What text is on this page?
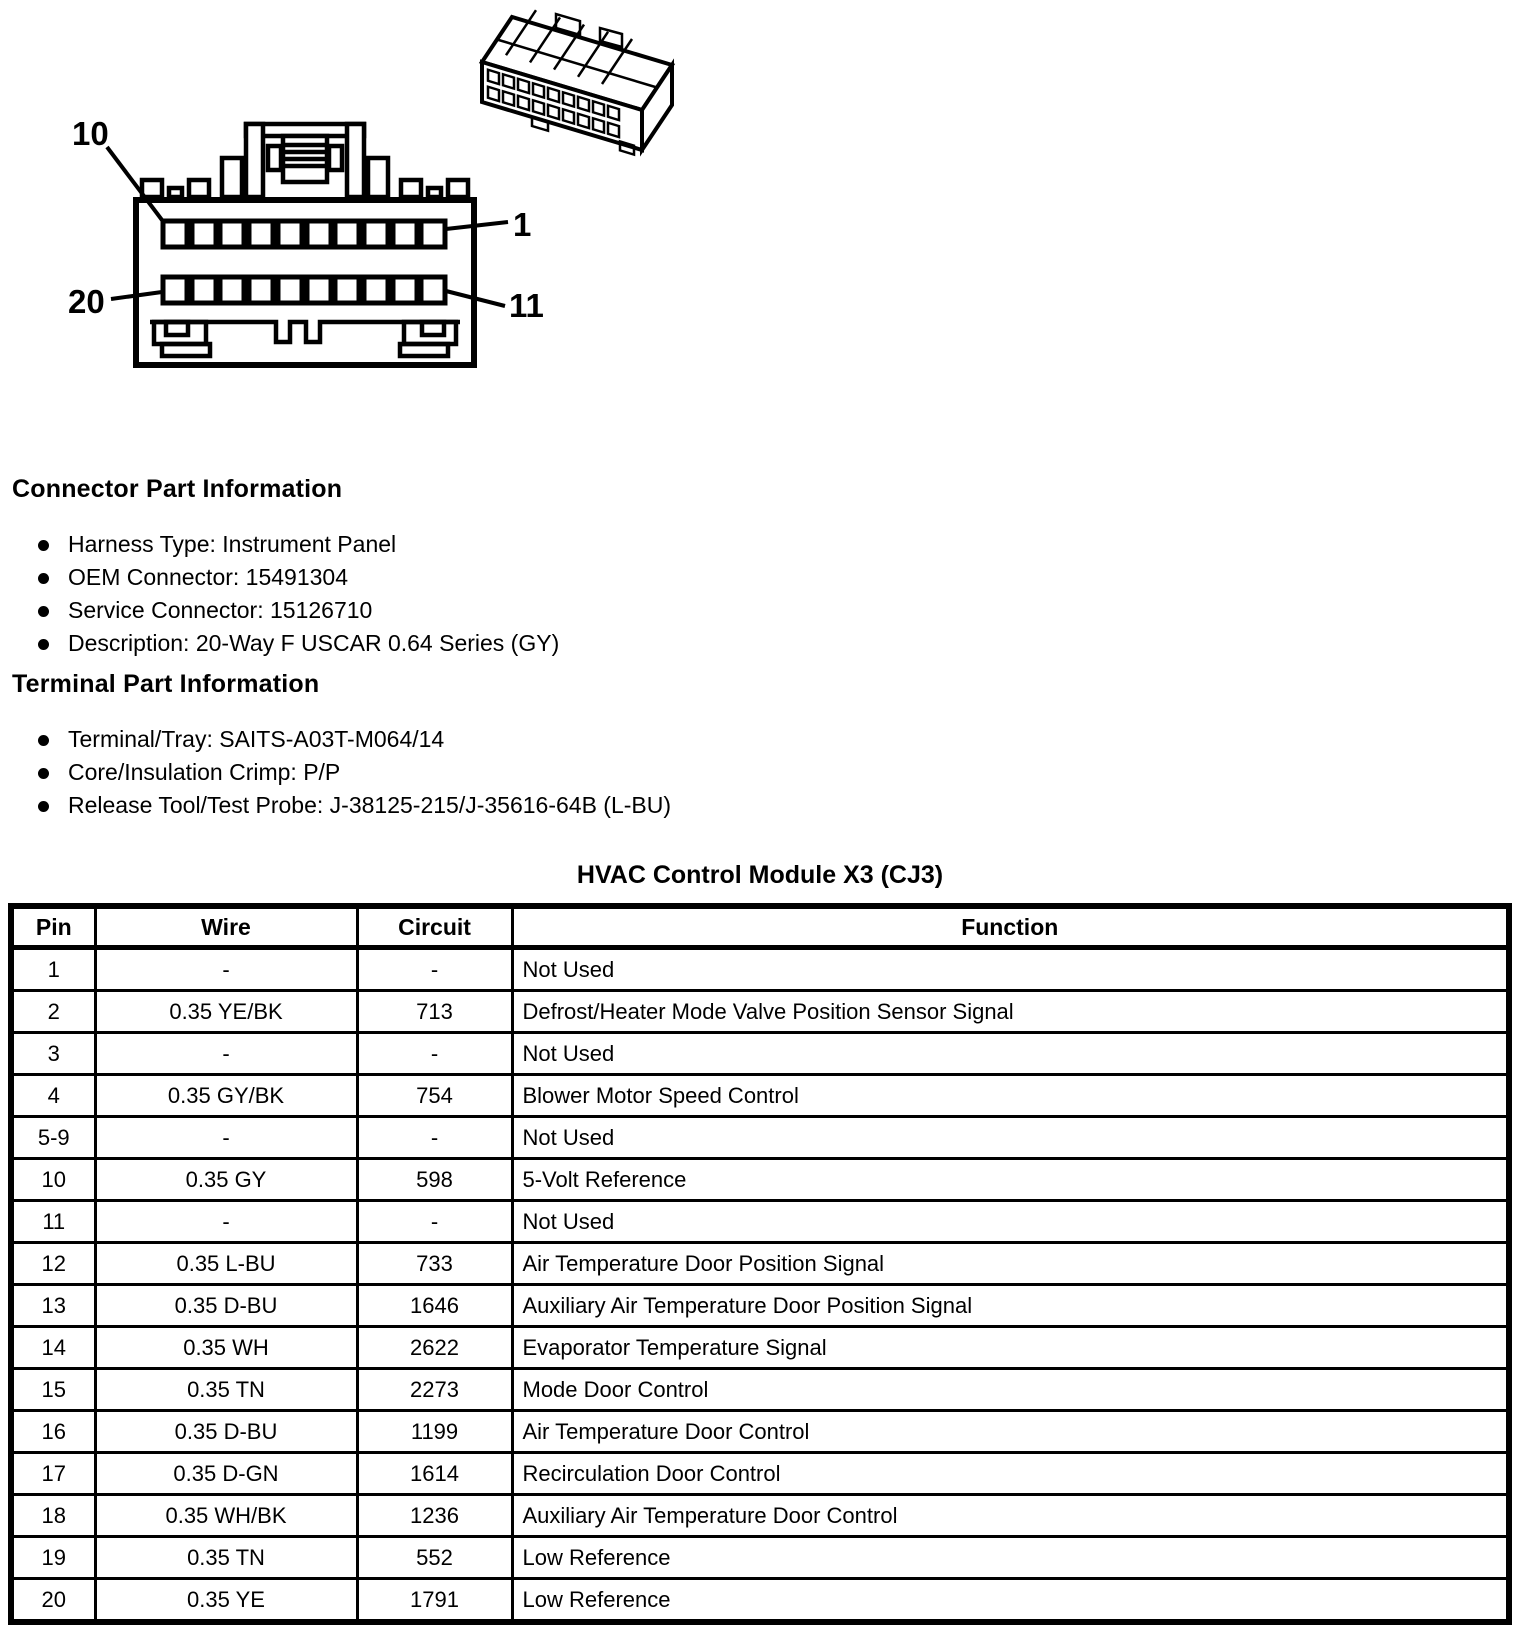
10
1
20	11
Connector Part Information
Harness Type: Instrument Panel
OEM Connector: 15491304
Service Connector: 15126710
Description: 20-Way F USCAR 0.64 Series (GY)
Terminal Part Information
Terminal/Tray: SAITS-A03T-M064/14
Core/Insulation Crimp: P/P
Release Tool/Test Probe: J-38125-215/J-35616-64B (L-BU)
HVAC Control Module X3 (CJ3)
Pin	Wire	Circuit	Function
1	-	-	Not Used
2	0.35 YE/BK	713	Defrost/Heater Mode Valve Position Sensor Signal
3	-	-	Not Used
4	0.35 GY/BK	754	Blower Motor Speed Control
5-9	-	-	Not Used
10	0.35 GY	598	5-Volt Reference
11	-	-	Not Used
12	0.35 L-BU	733	Air Temperature Door Position Signal
13	0.35 D-BU	1646	Auxiliary Air Temperature Door Position Signal
14	0.35 WH	2622	Evaporator Temperature Signal
15	0.35 TN	2273	Mode Door Control
16	0.35 D-BU	1199	Air Temperature Door Control
17	0.35 D-GN	1614	Recirculation Door Control
18	0.35 WH/BK	1236	Auxiliary Air Temperature Door Control
19	0.35 TN	552	Low Reference
20	0.35 YE	1791	Low Reference
